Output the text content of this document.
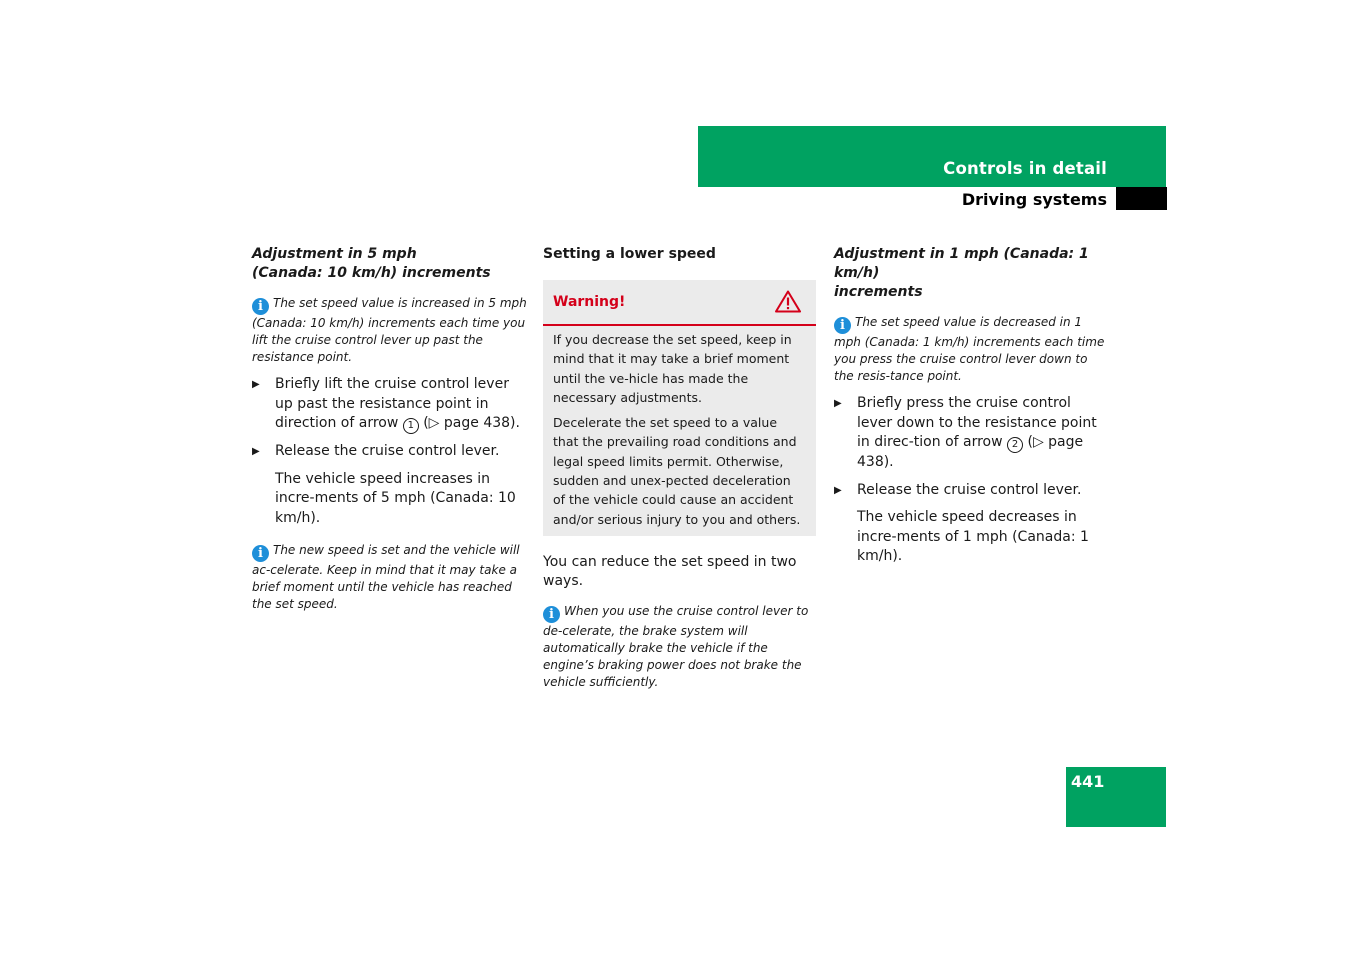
Controls in detail
Driving systems

Adjustment in 5 mph
(Canada: 10 km/h) increments

i The set speed value is increased in 5 mph (Canada: 10 km/h) increments each time you lift the cruise control lever up past the resistance point.

▶ Briefly lift the cruise control lever up past the resistance point in direction of arrow 1 (▷ page 438).

▶ Release the cruise control lever.

The vehicle speed increases in incre-ments of 5 mph (Canada: 10 km/h).

i The new speed is set and the vehicle will ac-celerate. Keep in mind that it may take a brief moment until the vehicle has reached the set speed.

Setting a lower speed

Warning!

If you decrease the set speed, keep in mind that it may take a brief moment until the ve-hicle has made the necessary adjustments.

Decelerate the set speed to a value that the prevailing road conditions and legal speed limits permit. Otherwise, sudden and unex-pected deceleration of the vehicle could cause an accident and/or serious injury to you and others.

You can reduce the set speed in two ways.

i When you use the cruise control lever to de-celerate, the brake system will automatically brake the vehicle if the engine’s braking power does not brake the vehicle sufficiently.

Adjustment in 1 mph (Canada: 1 km/h)
increments

i The set speed value is decreased in 1 mph (Canada: 1 km/h) increments each time you press the cruise control lever down to the resis-tance point.

▶ Briefly press the cruise control lever down to the resistance point in direc-tion of arrow 2 (▷ page 438).

▶ Release the cruise control lever.

The vehicle speed decreases in incre-ments of 1 mph (Canada: 1 km/h).

441
